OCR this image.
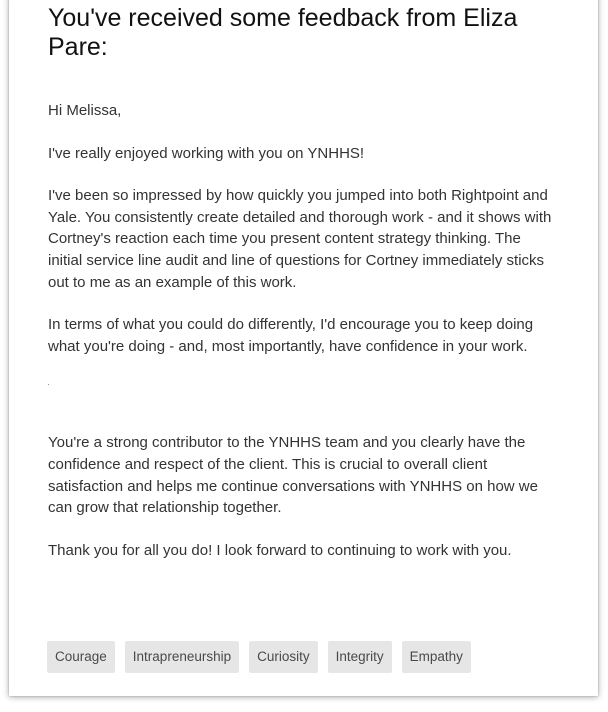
You've received some feedback from Eliza Pare:

Hi Melissa,

I've really enjoyed working with you on YNHHS!

I've been so impressed by how quickly you jumped into both Rightpoint and Yale. You consistently create detailed and thorough work - and it shows with Cortney's reaction each time you present content strategy thinking. The initial service line audit and line of questions for Cortney immediately sticks out to me as an example of this work.

In terms of what you could do differently, I'd encourage you to keep doing what you're doing - and, most importantly, have confidence in your work.

You're a strong contributor to the YNHHS team and you clearly have the confidence and respect of the client. This is crucial to overall client satisfaction and helps me continue conversations with YNHHS on how we can grow that relationship together.

Thank you for all you do! I look forward to continuing to work with you.

Courage	Intrapreneurship	Curiosity	Integrity	Empathy
